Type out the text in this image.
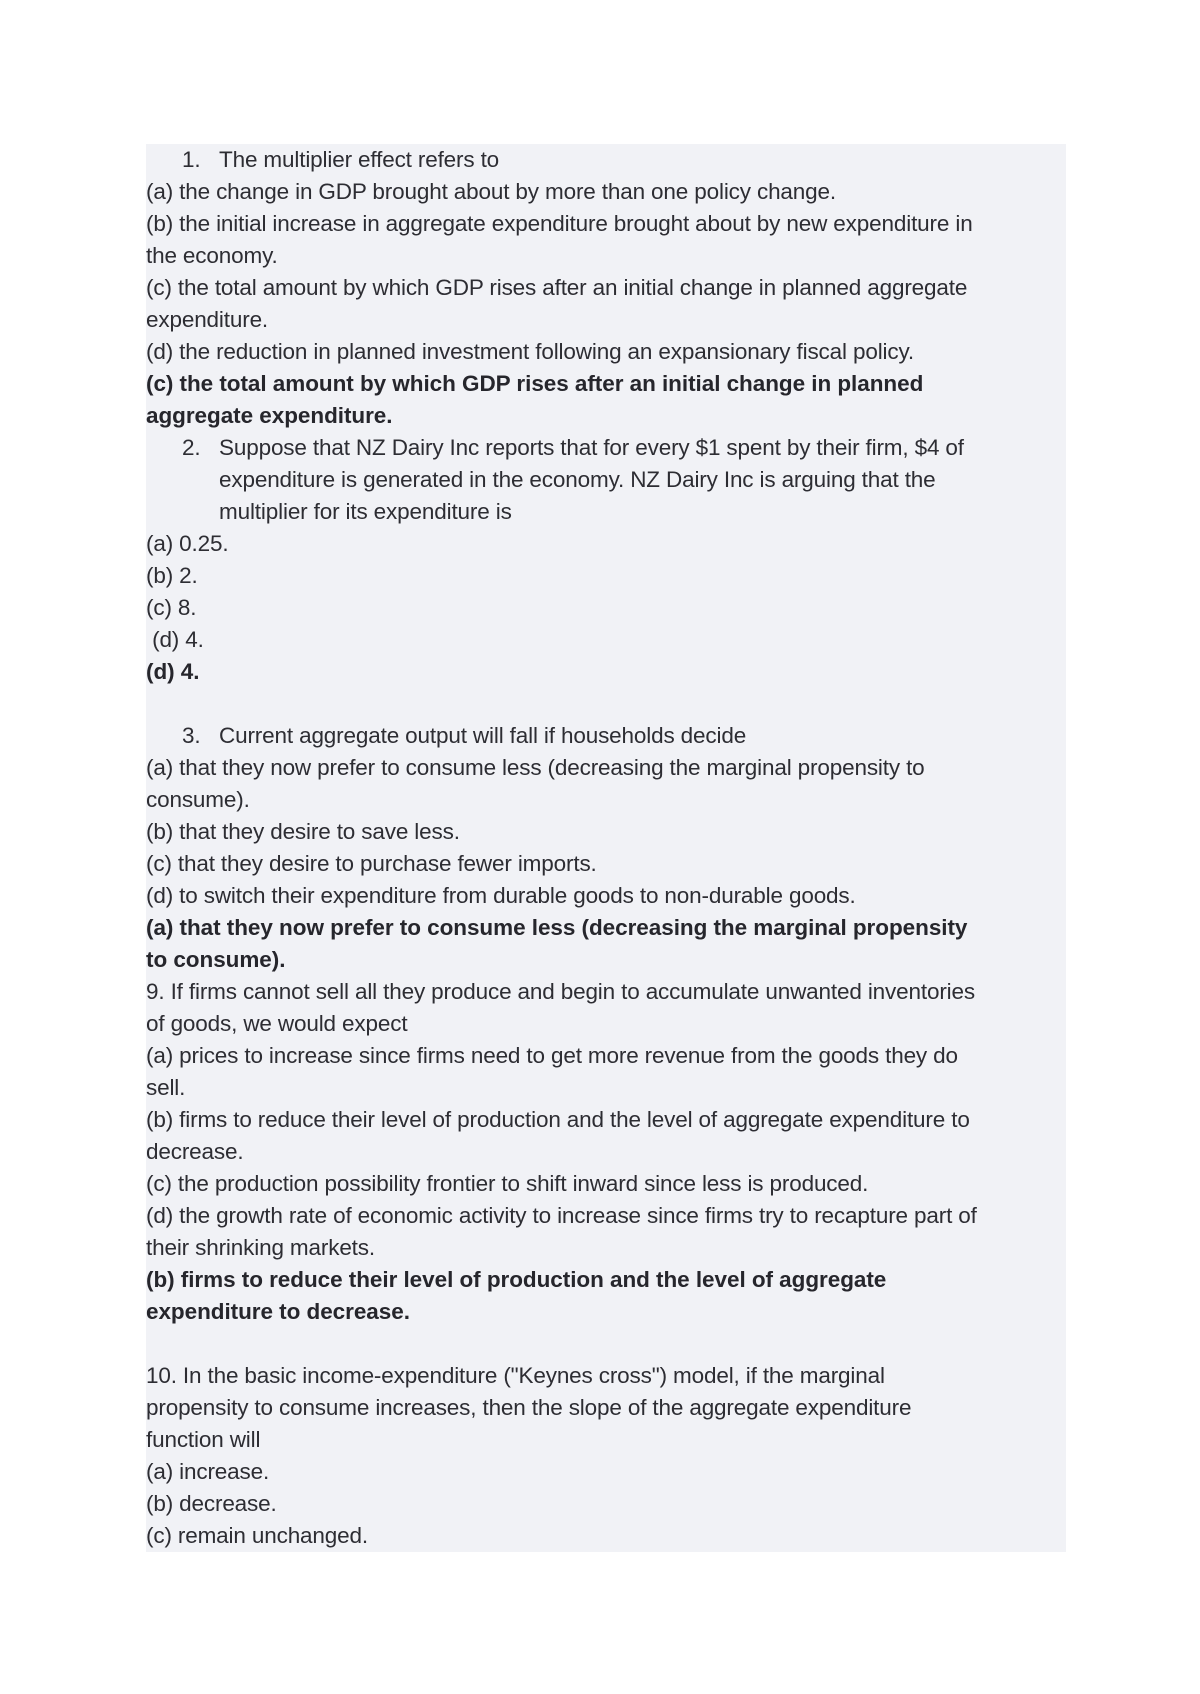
1. The multiplier effect refers to
(a) the change in GDP brought about by more than one policy change.
(b) the initial increase in aggregate expenditure brought about by new expenditure in
the economy.
(c) the total amount by which GDP rises after an initial change in planned aggregate
expenditure.
(d) the reduction in planned investment following an expansionary fiscal policy.
(c) the total amount by which GDP rises after an initial change in planned
aggregate expenditure.
2. Suppose that NZ Dairy Inc reports that for every $1 spent by their firm, $4 of
expenditure is generated in the economy. NZ Dairy Inc is arguing that the
multiplier for its expenditure is
(a) 0.25.
(b) 2.
(c) 8.
(d) 4.
(d) 4.
3. Current aggregate output will fall if households decide
(a) that they now prefer to consume less (decreasing the marginal propensity to
consume).
(b) that they desire to save less.
(c) that they desire to purchase fewer imports.
(d) to switch their expenditure from durable goods to non-durable goods.
(a) that they now prefer to consume less (decreasing the marginal propensity
to consume).
9. If firms cannot sell all they produce and begin to accumulate unwanted inventories
of goods, we would expect
(a) prices to increase since firms need to get more revenue from the goods they do
sell.
(b) firms to reduce their level of production and the level of aggregate expenditure to
decrease.
(c) the production possibility frontier to shift inward since less is produced.
(d) the growth rate of economic activity to increase since firms try to recapture part of
their shrinking markets.
(b) firms to reduce their level of production and the level of aggregate
expenditure to decrease.
10. In the basic income-expenditure ("Keynes cross") model, if the marginal
propensity to consume increases, then the slope of the aggregate expenditure
function will
(a) increase.
(b) decrease.
(c) remain unchanged.
